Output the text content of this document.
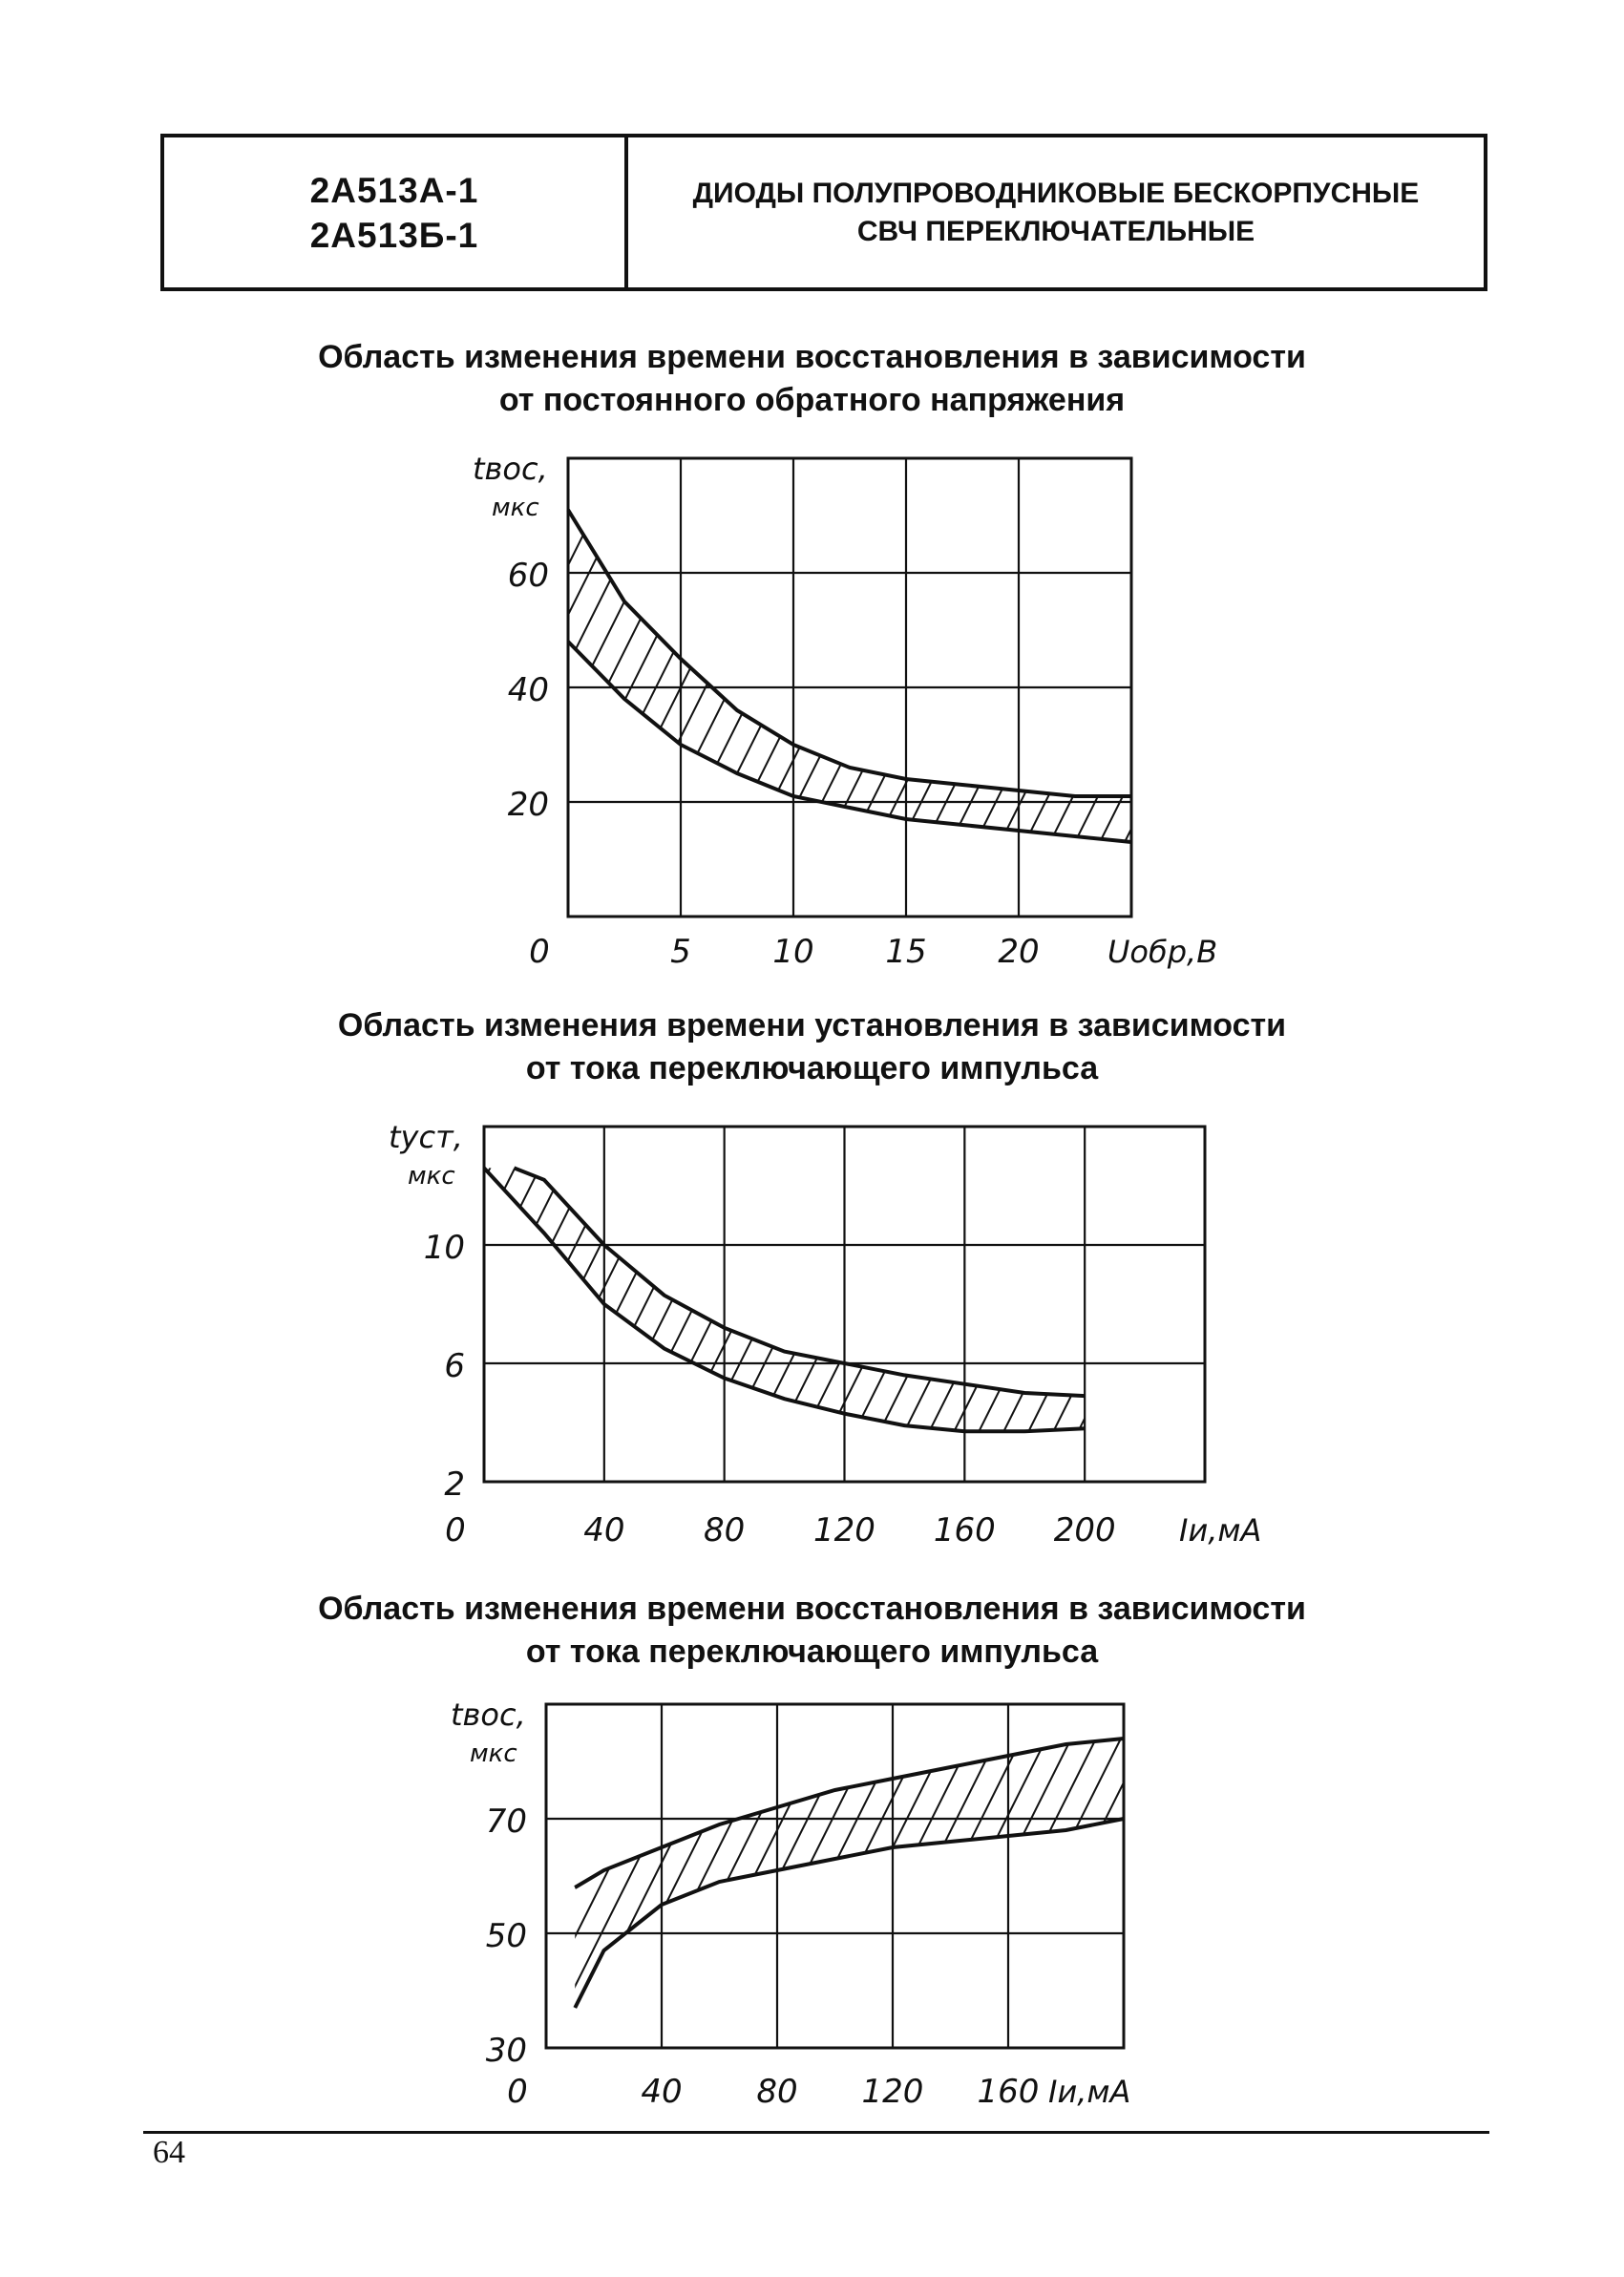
2А513А-1
2А513Б-1
ДИОДЫ ПОЛУПРОВОДНИКОВЫЕ БЕСКОРПУСНЫЕ
СВЧ ПЕРЕКЛЮЧАТЕЛЬНЫЕ
Область изменения времени восстановления в зависимости
от постоянного обратного напряжения
20
40
60
0	5	10 15 20 Uобр,В
tвос,
мкс
Область изменения времени установления в зависимости
от тока переключающего импульса
2
6
10
0	40 80 120 160 200 Iи,мА
tуст,
мкс
Область изменения времени восстановления в зависимости
от тока переключающего импульса
30
50
70
0	40 80 120 160 Iи,мА
tвос,
мкс
64
